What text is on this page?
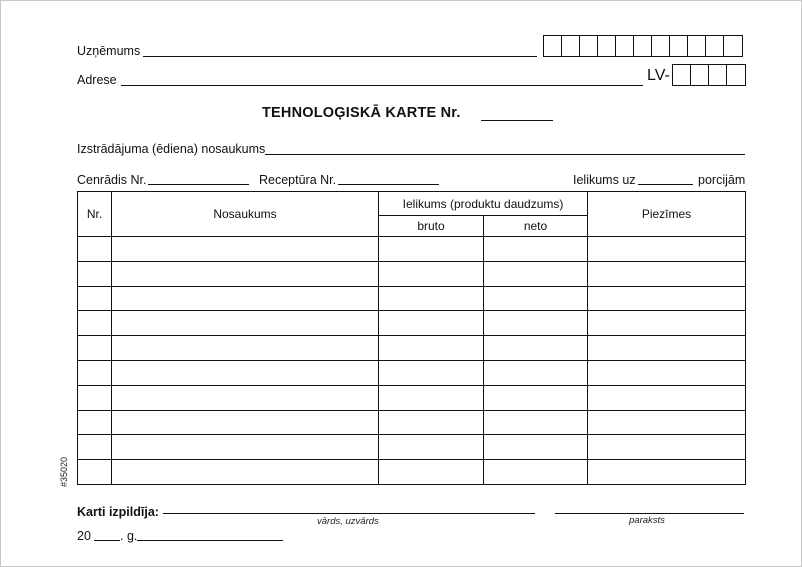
Uzņēmums
Adrese	LV-
TEHNOLOĢISKĀ KARTE Nr.
Izstrādājuma (ēdiena) nosaukums
Cenrādis Nr.	Receptūra Nr.	Ielikums uz	porcijām
Nr.	Nosaukums	Ielikums (produktu daudzums)		Piezīmes
		bruto	neto	

#35020
Karti izpildīja:
vārds, uzvārds	paraksts
20 . g.
